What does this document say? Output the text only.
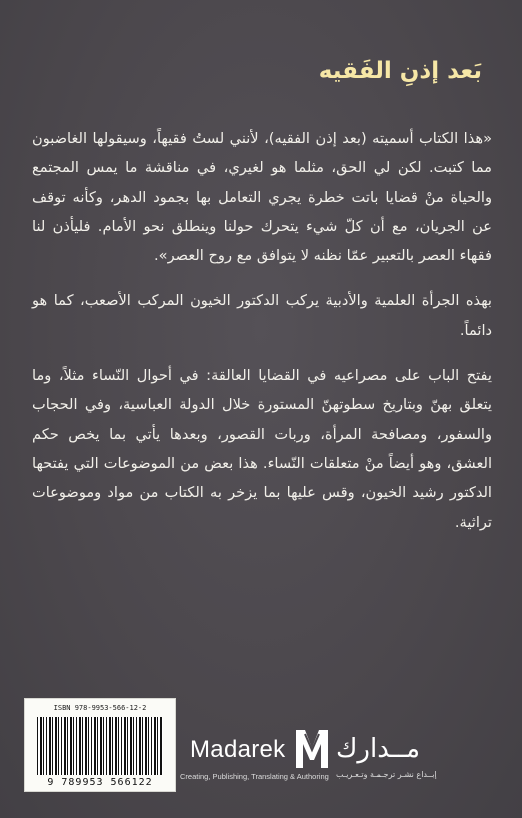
بَعد إذنِ الفَقيه

«هذا الكتاب أسميته (بعد إذن الفقيه)، لأنني لستُ فقيهاً، وسيقولها الغاضبون مما كتبت. لكن لي الحق، مثلما هو لغيري، في مناقشة ما يمس المجتمع والحياة منْ قضايا باتت خطرة يجري التعامل بها بجمود الدهر، وكأنه توقف عن الجريان، مع أن كلّ شيء يتحرك حولنا وينطلق نحو الأمام. فليأذن لنا فقهاء العصر بالتعبير عمّا نظنه لا يتوافق مع روح العصر».

بهذه الجرأة العلمية والأدبية يركب الدكتور الخيون المركب الأصعب، كما هو دائماً.

يفتح الباب على مصراعيه في القضايا العالقة: في أحوال النّساء مثلاً، وما يتعلق بهنّ وبتاريخ سطوتهنّ المستورة خلال الدولة العباسية، وفي الحجاب والسفور، ومصافحة المرأة، وربات القصور، وبعدها يأتي بما يخص حكم العشق، وهو أيضاً منْ متعلقات النّساء. هذا بعض من الموضوعات التي يفتحها الدكتور رشيد الخيون، وقس عليها بما يزخر به الكتاب من مواد وموضوعات تراثية.

ISBN 978-9953-566-12-2
9 789953 566122
Madarek مــدارك
Creating, Publishing, Translating & Authoring إبــداع نشـر ترجـمـة وتـعـريـب
